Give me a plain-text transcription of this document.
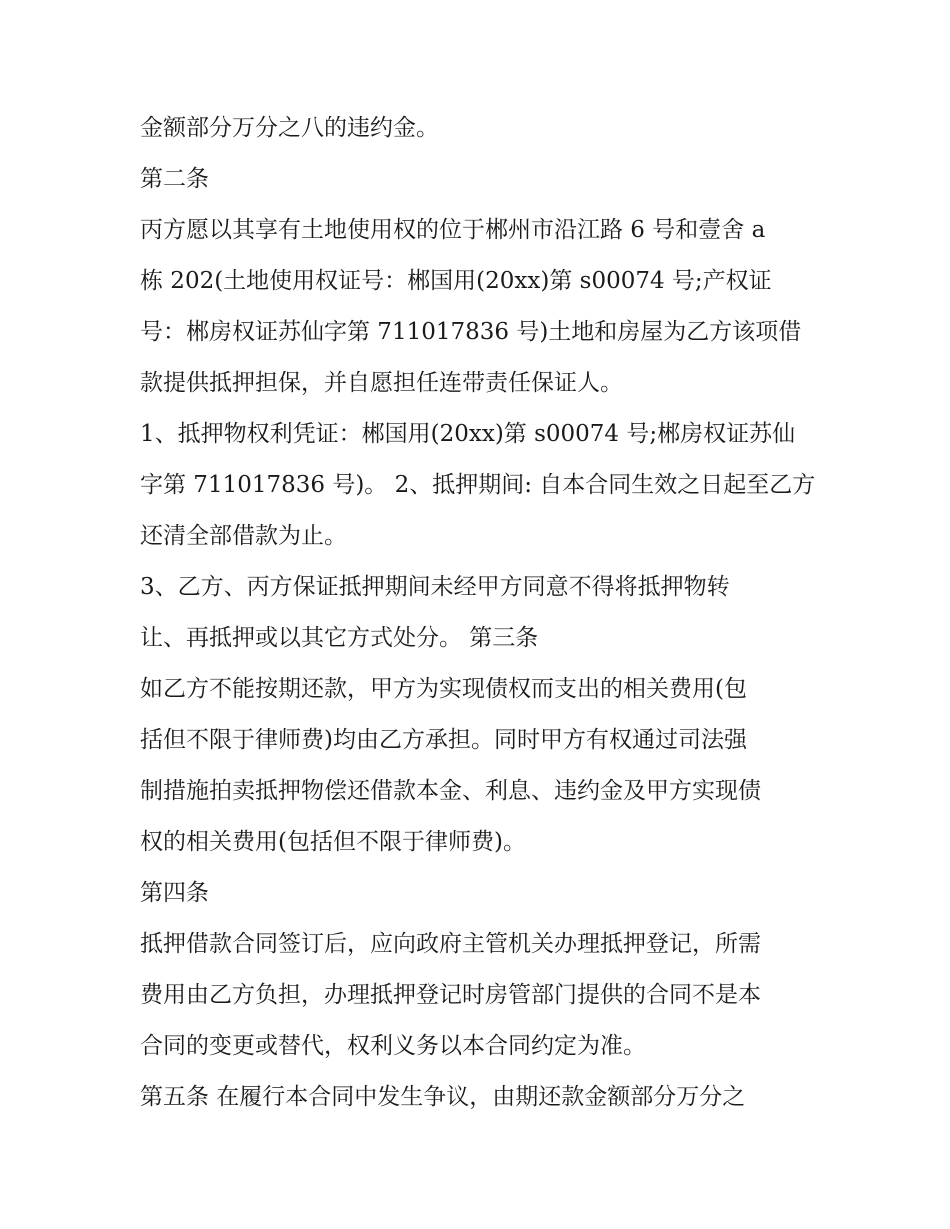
金额部分万分之八的违约金。
第二条
丙方愿以其享有土地使用权的位于郴州市沿江路 6 号和壹舍 a
栋 202(土地使用权证号：郴国用(20xx)第 s00074 号;产权证
号：郴房权证苏仙字第 711017836 号)土地和房屋为乙方该项借
款提供抵押担保，并自愿担任连带责任保证人。
1、抵押物权利凭证：郴国用(20xx)第 s00074 号;郴房权证苏仙
字第 711017836 号)。 2、抵押期间: 自本合同生效之日起至乙方
还清全部借款为止。
3、乙方、丙方保证抵押期间未经甲方同意不得将抵押物转
让、再抵押或以其它方式处分。 第三条
如乙方不能按期还款，甲方为实现债权而支出的相关费用(包
括但不限于律师费)均由乙方承担。同时甲方有权通过司法强
制措施拍卖抵押物偿还借款本金、利息、违约金及甲方实现债
权的相关费用(包括但不限于律师费)。
第四条
抵押借款合同签订后，应向政府主管机关办理抵押登记，所需
费用由乙方负担，办理抵押登记时房管部门提供的合同不是本
合同的变更或替代，权利义务以本合同约定为准。
第五条 在履行本合同中发生争议，由期还款金额部分万分之
